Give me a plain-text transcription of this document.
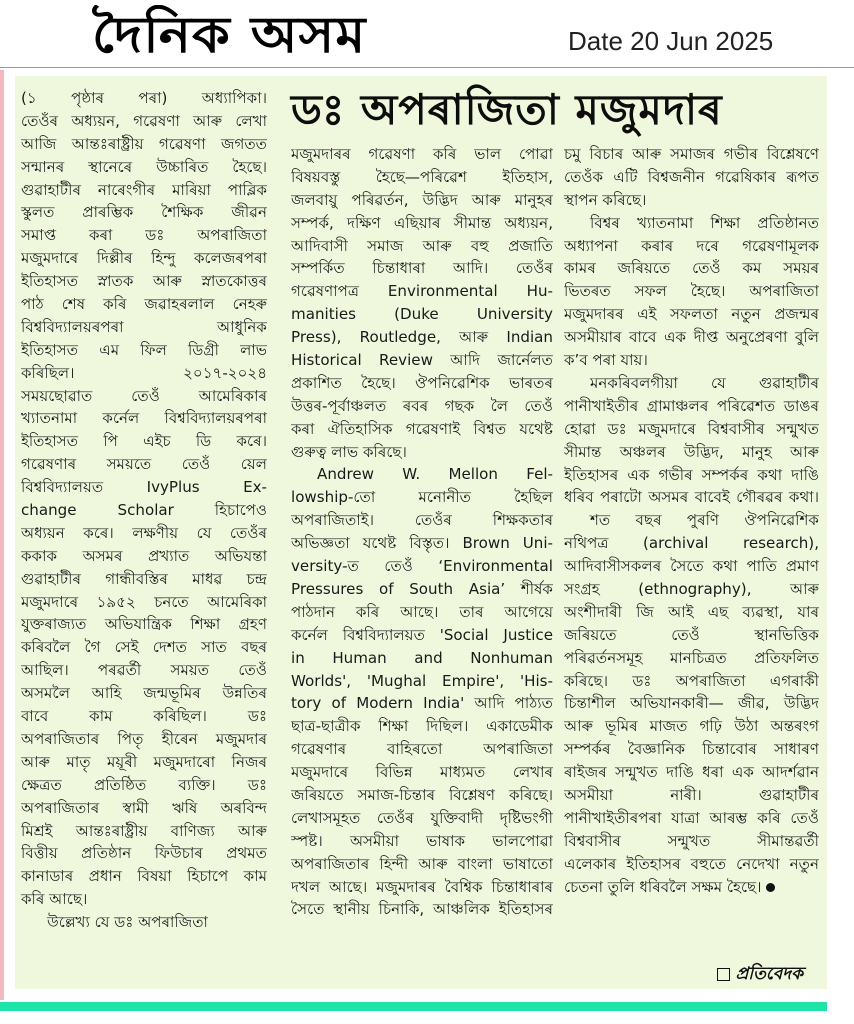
দৈনিক অসম	Date 20 Jun 2025
ডঃ অপৰাজিতা মজুমদাৰ
(১ পৃষ্ঠাৰ পৰা) অধ্যাপিকা।
তেওঁৰ অধ্যয়ন, গৱেষণা আৰু লেখা
আজি আন্তঃৰাষ্ট্ৰীয় গৱেষণা জগতত
সন্মানৰ স্থানেৰে উচ্চাৰিত হৈছে।
গুৱাহাটীৰ নাৰেংগীৰ মাৰিয়া পাব্লিক
স্কুলত প্ৰাৰম্ভিক শৈক্ষিক জীৱন
সমাপ্ত কৰা ডঃ অপৰাজিতা
মজুমদাৰে দিল্লীৰ হিন্দু কলেজৰপৰা
ইতিহাসত স্নাতক আৰু স্নাতকোত্তৰ
পাঠ শেষ কৰি জৱাহৰলাল নেহৰু
বিশ্ববিদ্যালয়ৰপৰা আধুনিক
ইতিহাসত এম ফিল ডিগ্ৰী লাভ
কৰিছিল। ২০১৭-২০২৪
সময়ছোৱাত তেওঁ আমেৰিকাৰ
খ্যাতনামা কৰ্নেল বিশ্ববিদ্যালয়ৰপৰা
ইতিহাসত পি এইচ ডি কৰে।
গৱেষণাৰ সময়তে তেওঁ য়েল
বিশ্ববিদ্যালয়ত IvyPlus Ex-
change Scholar হিচাপেও
অধ্যয়ন কৰে। লক্ষণীয় যে তেওঁৰ
ককাক অসমৰ প্ৰখ্যাত অভিযন্তা
গুৱাহাটীৰ গান্ধীবস্তিৰ মাধৱ চন্দ্ৰ
মজুমদাৰে ১৯৫২ চনতে আমেৰিকা
যুক্তৰাজ্যত অভিযান্ত্ৰিক শিক্ষা গ্ৰহণ
কৰিবলৈ গৈ সেই দেশত সাত বছৰ
আছিল। পৰৱৰ্তী সময়ত তেওঁ
অসমলৈ আহি জন্মভূমিৰ উন্নতিৰ
বাবে কাম কৰিছিল। ডঃ
অপৰাজিতাৰ পিতৃ হীৰেন মজুমদাৰ
আৰু মাতৃ ময়ূৰী মজুমদাৰো নিজৰ
ক্ষেত্ৰত প্ৰতিষ্ঠিত ব্যক্তি। ডঃ
অপৰাজিতাৰ স্বামী ঋষি অৰবিন্দ
মিশ্ৰই আন্তঃৰাষ্ট্ৰীয় বাণিজ্য আৰু
বিত্তীয় প্ৰতিষ্ঠান ফিউচাৰ প্ৰথমত
কানাডাৰ প্ৰধান বিষয়া হিচাপে কাম
কৰি আছে।
উল্লেখ্য যে ডঃ অপৰাজিতা
মজুমদাৰৰ গৱেষণা কৰি ভাল পোৱা
বিষয়বস্তু হৈছে—পৰিৱেশ ইতিহাস,
জলবায়ু পৰিৱৰ্তন, উদ্ভিদ আৰু মানুহৰ
সম্পৰ্ক, দক্ষিণ এছিয়াৰ সীমান্ত অধ্যয়ন,
আদিবাসী সমাজ আৰু বহু প্ৰজাতি
সম্পৰ্কিত চিন্তাধাৰা আদি। তেওঁৰ
গৱেষণাপত্ৰ Environmental Hu-
manities (Duke University
Press), Routledge, আৰু Indian
Historical Review আদি জাৰ্নেলত
প্ৰকাশিত হৈছে। ঔপনিৱেশিক ভাৰতৰ
উত্তৰ-পূৰ্বাঞ্চলত ৰবৰ গছক লৈ তেওঁ
কৰা ঐতিহাসিক গৱেষণাই বিশ্বত যথেষ্ট
গুৰুত্ব লাভ কৰিছে।
Andrew W. Mellon Fel-
lowship-তো মনোনীত হৈছিল
অপৰাজিতাই। তেওঁৰ শিক্ষকতাৰ
অভিজ্ঞতা যথেষ্ট বিস্তৃত। Brown Uni-
versity-ত তেওঁ ‘Environmental
Pressures of South Asia’ শীৰ্ষক
পাঠদান কৰি আছে। তাৰ আগেয়ে
কৰ্নেল বিশ্ববিদ্যালয়ত 'Social Justice
in Human and Nonhuman
Worlds', 'Mughal Empire', 'His-
tory of Modern India' আদি পাঠ্যত
ছাত্ৰ-ছাত্ৰীক শিক্ষা দিছিল। একাডেমীক
গৱেষণাৰ বাহিৰতো অপৰাজিতা
মজুমদাৰে বিভিন্ন মাধ্যমত লেখাৰ
জৰিয়তে সমাজ-চিন্তাৰ বিশ্লেষণ কৰিছে।
লেখাসমূহত তেওঁৰ যুক্তিবাদী দৃষ্টিভংগী
স্পষ্ট। অসমীয়া ভাষাক ভালপোৱা
অপৰাজিতাৰ হিন্দী আৰু বাংলা ভাষাতো
দখল আছে। মজুমদাৰৰ বৈশ্বিক চিন্তাধাৰাৰ
সৈতে স্থানীয় চিনাকি, আঞ্চলিক ইতিহাসৰ
চমু বিচাৰ আৰু সমাজৰ গভীৰ বিশ্লেষণে
তেওঁক এটি বিশ্বজনীন গৱেষিকাৰ ৰূপত
স্থাপন কৰিছে।
বিশ্বৰ খ্যাতনামা শিক্ষা প্ৰতিষ্ঠানত
অধ্যাপনা কৰাৰ দৰে গৱেষণামূলক
কামৰ জৰিয়তে তেওঁ কম সময়ৰ
ভিতৰত সফল হৈছে। অপৰাজিতা
মজুমদাৰৰ এই সফলতা নতুন প্ৰজন্মৰ
অসমীয়াৰ বাবে এক দীপ্ত অনুপ্ৰেৰণা বুলি
ক’ব পৰা যায়।
মনকৰিবলগীয়া যে গুৱাহাটীৰ
পানীখাইতীৰ গ্ৰামাঞ্চলৰ পৰিৱেশত ডাঙৰ
হোৱা ডঃ মজুমদাৰে বিশ্ববাসীৰ সন্মুখত
সীমান্ত অঞ্চলৰ উদ্ভিদ, মানুহ আৰু
ইতিহাসৰ এক গভীৰ সম্পৰ্কৰ কথা দাঙি
ধৰিব পৰাটো অসমৰ বাবেই গৌৰৱৰ কথা।
শত বছৰ পুৰণি ঔপনিৱেশিক
নথিপত্ৰ (archival research),
আদিবাসীসকলৰ সৈতে কথা পাতি প্ৰমাণ
সংগ্ৰহ (ethnography), আৰু
অংশীদাৰী জি আই এছ ব্যৱস্থা, যাৰ
জৰিয়তে তেওঁ স্থানভিত্তিক
পৰিৱৰ্তনসমূহ মানচিত্ৰত প্ৰতিফলিত
কৰিছে। ডঃ অপৰাজিতা এগৰাকী
চিন্তাশীল অভিযানকাৰী— জীৱ, উদ্ভিদ
আৰু ভূমিৰ মাজত গঢ়ি উঠা অন্তৰংগ
সম্পৰ্কৰ বৈজ্ঞানিক চিন্তাবোৰ সাধাৰণ
ৰাইজৰ সন্মুখত দাঙি ধৰা এক আদৰ্শৱান
অসমীয়া নাৰী। গুৱাহাটীৰ
পানীখাইতীৰপৰা যাত্ৰা আৰম্ভ কৰি তেওঁ
বিশ্ববাসীৰ সন্মুখত সীমান্তৱৰ্তী
এলেকাৰ ইতিহাসৰ বহুতে নেদেখা নতুন
চেতনা তুলি ধৰিবলৈ সক্ষম হৈছে।
প্ৰতিবেদক
